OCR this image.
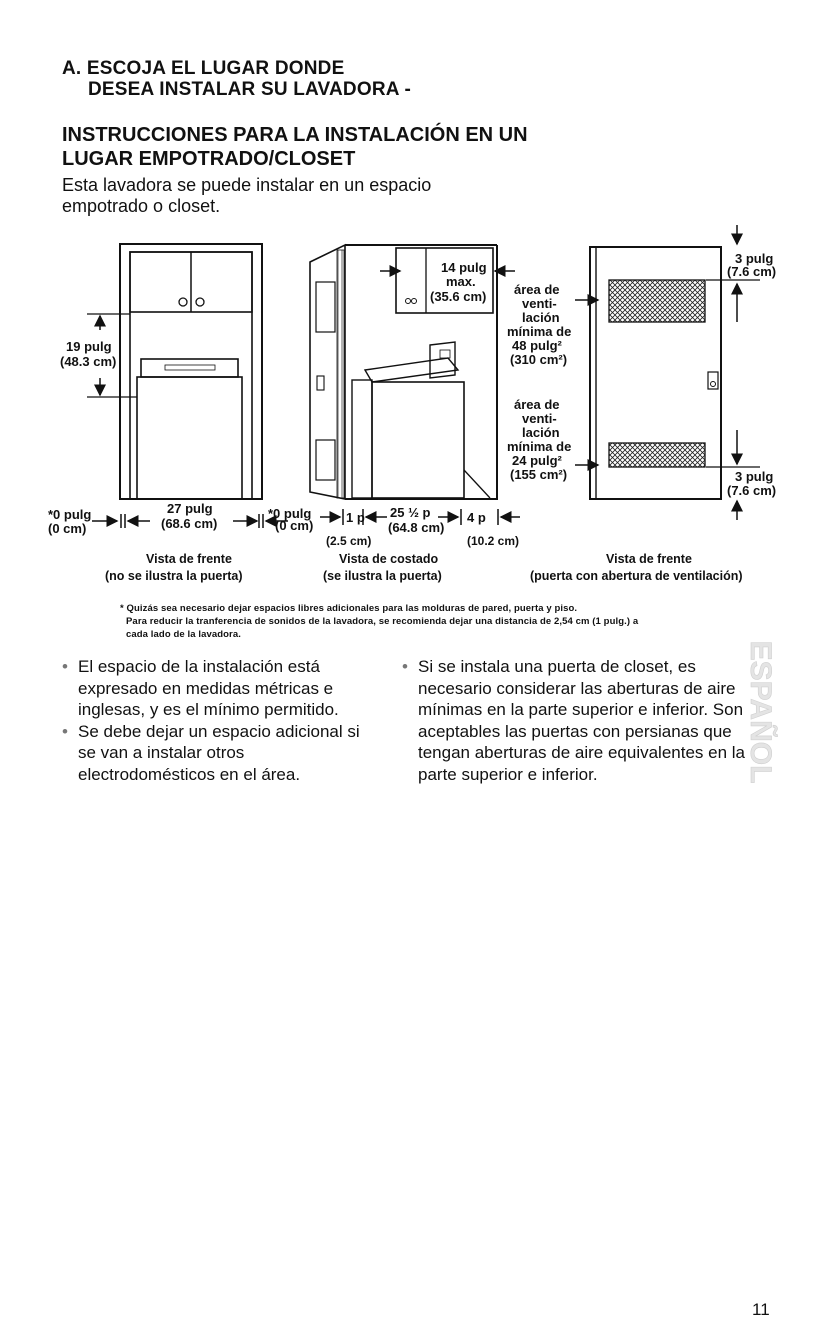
A. ESCOJA EL LUGAR DONDE
DESEA INSTALAR SU LAVADORA -
INSTRUCCIONES PARA LA INSTALACIÓN EN UN
LUGAR EMPOTRADO/CLOSET
Esta lavadora se puede instalar en un espacio empotrado o closet.
19 pulg
(48.3 cm)
*0 pulg
(0 cm)
27 pulg
(68.6 cm)
*0 pulg
(0 cm)
Vista de frente
(no se ilustra la puerta)
14 pulg
max.
(35.6 cm)
1 p
(2.5 cm)
25 ½ p
(64.8 cm)
4 p
(10.2 cm)
Vista de costado
(se ilustra la puerta)
área de
venti-
lación
mínima de
48 pulg²
(310 cm²)
área de
venti-
lación
mínima de
24 pulg²
(155 cm²)
3 pulg
(7.6 cm)
3 pulg
(7.6 cm)
Vista de frente
(puerta con abertura de ventilación)
* Quizás sea necesario dejar espacios libres adicionales para las molduras de pared, puerta y piso.
Para reducir la tranferencia de sonidos de la lavadora, se recomienda dejar una distancia de 2,54 cm (1 pulg.) a
cada lado de la lavadora.
• El espacio de la instalación está expresado en medidas métricas e inglesas, y es el mínimo permitido.
• Se debe dejar un espacio adicional si se van a instalar otros electrodomésticos en el área.
• Si se instala una puerta de closet, es necesario considerar las aberturas de aire mínimas en la parte superior e inferior. Son aceptables las puertas con persianas que tengan aberturas de aire equivalentes en la parte superior e inferior.	ESPAÑOL
11
